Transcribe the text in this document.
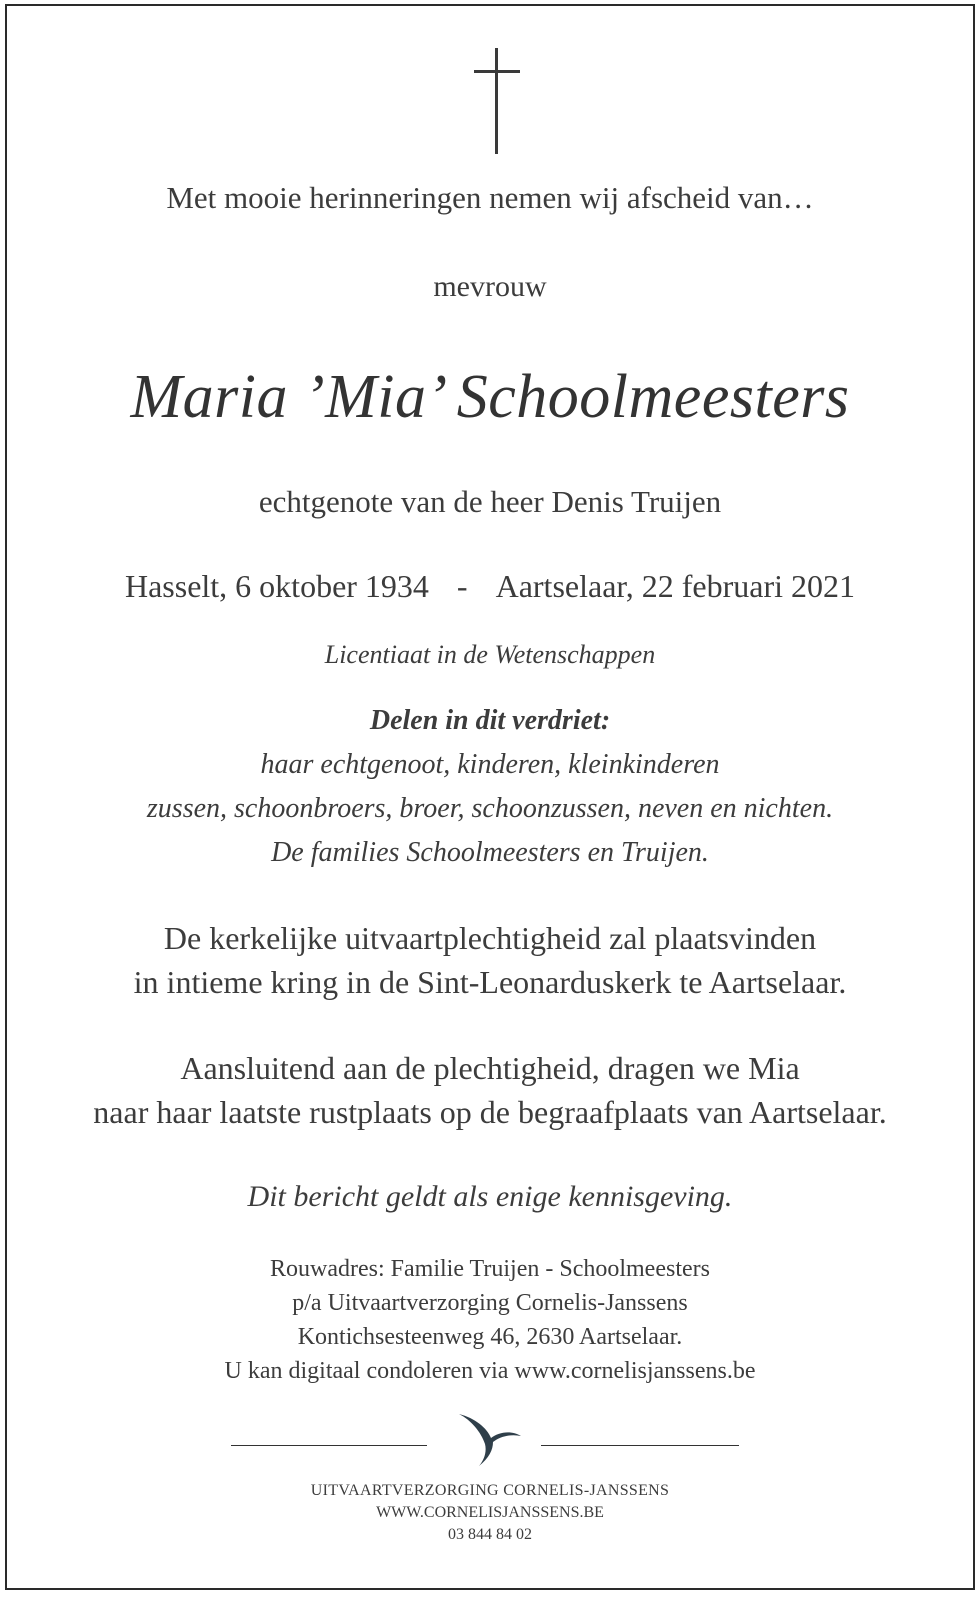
Met mooie herinneringen nemen wij afscheid van…
mevrouw
Maria ’Mia’ Schoolmeesters
echtgenote van de heer Denis Truijen
Hasselt, 6 oktober 1934 - Aartselaar, 22 februari 2021
Licentiaat in de Wetenschappen
Delen in dit verdriet:
haar echtgenoot, kinderen, kleinkinderen
zussen, schoonbroers, broer, schoonzussen, neven en nichten.
De families Schoolmeesters en Truijen.
De kerkelijke uitvaartplechtigheid zal plaatsvinden
in intieme kring in de Sint-Leonarduskerk te Aartselaar.
Aansluitend aan de plechtigheid, dragen we Mia
naar haar laatste rustplaats op de begraafplaats van Aartselaar.
Dit bericht geldt als enige kennisgeving.
Rouwadres: Familie Truijen - Schoolmeesters
p/a Uitvaartverzorging Cornelis-Janssens
Kontichsesteenweg 46, 2630 Aartselaar.
U kan digitaal condoleren via www.cornelisjanssens.be
UITVAARTVERZORGING CORNELIS-JANSSENS
WWW.CORNELISJANSSENS.BE
03 844 84 02
